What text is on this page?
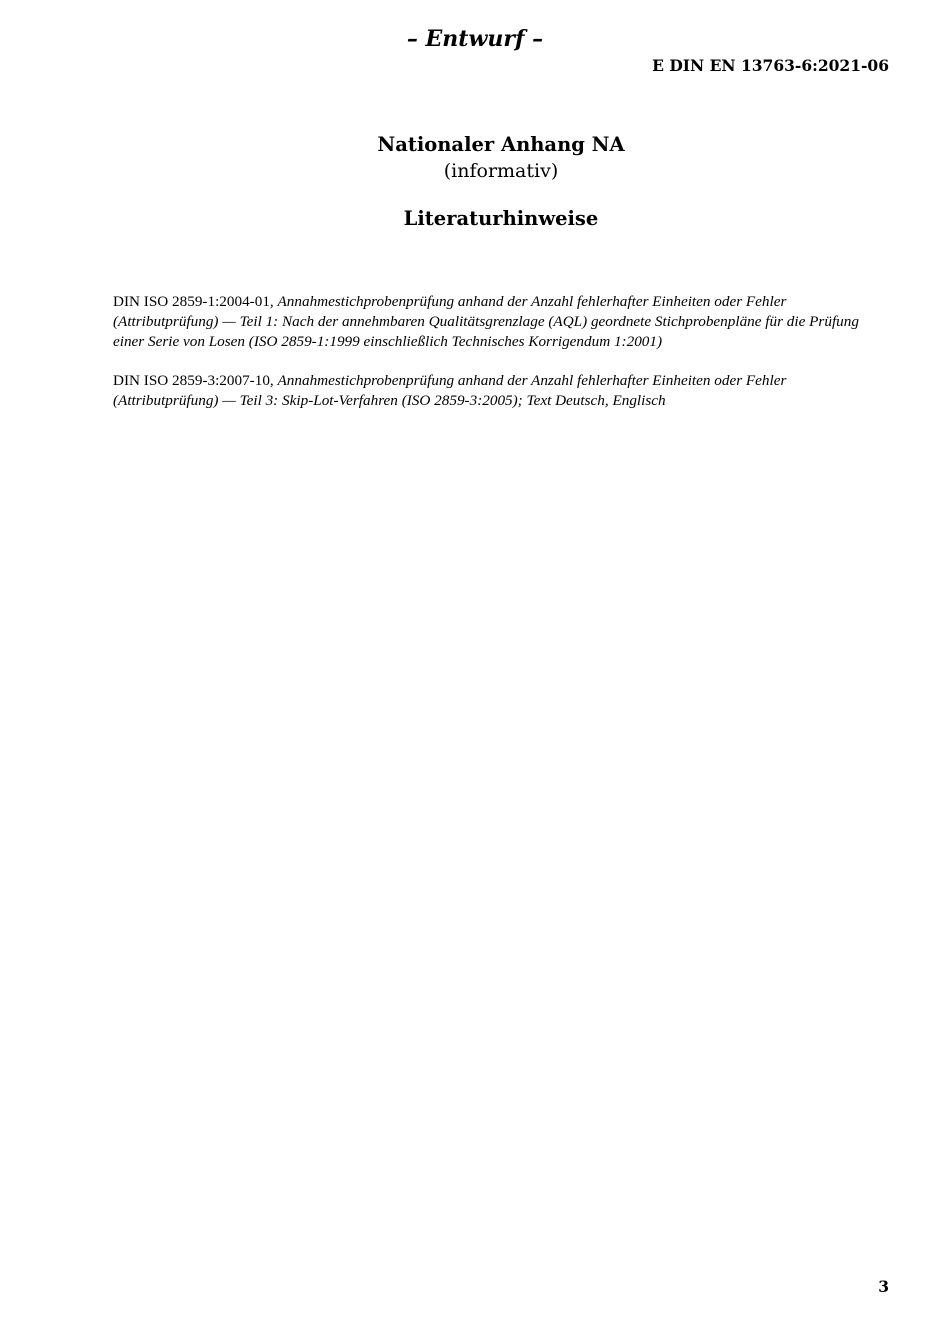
– Entwurf –
E DIN EN 13763-6:2021-06
Nationaler Anhang NA
(informativ)
Literaturhinweise

DIN ISO 2859-1:2004-01, Annahmestichprobenprüfung anhand der Anzahl fehlerhafter Einheiten oder Fehler (Attributprüfung) — Teil 1: Nach der annehmbaren Qualitätsgrenzlage (AQL) geordnete Stichprobenpläne für die Prüfung einer Serie von Losen (ISO 2859-1:1999 einschließlich Technisches Korrigendum 1:2001)

DIN ISO 2859-3:2007-10, Annahmestichprobenprüfung anhand der Anzahl fehlerhafter Einheiten oder Fehler (Attributprüfung) — Teil 3: Skip-Lot-Verfahren (ISO 2859-3:2005); Text Deutsch, Englisch

3
